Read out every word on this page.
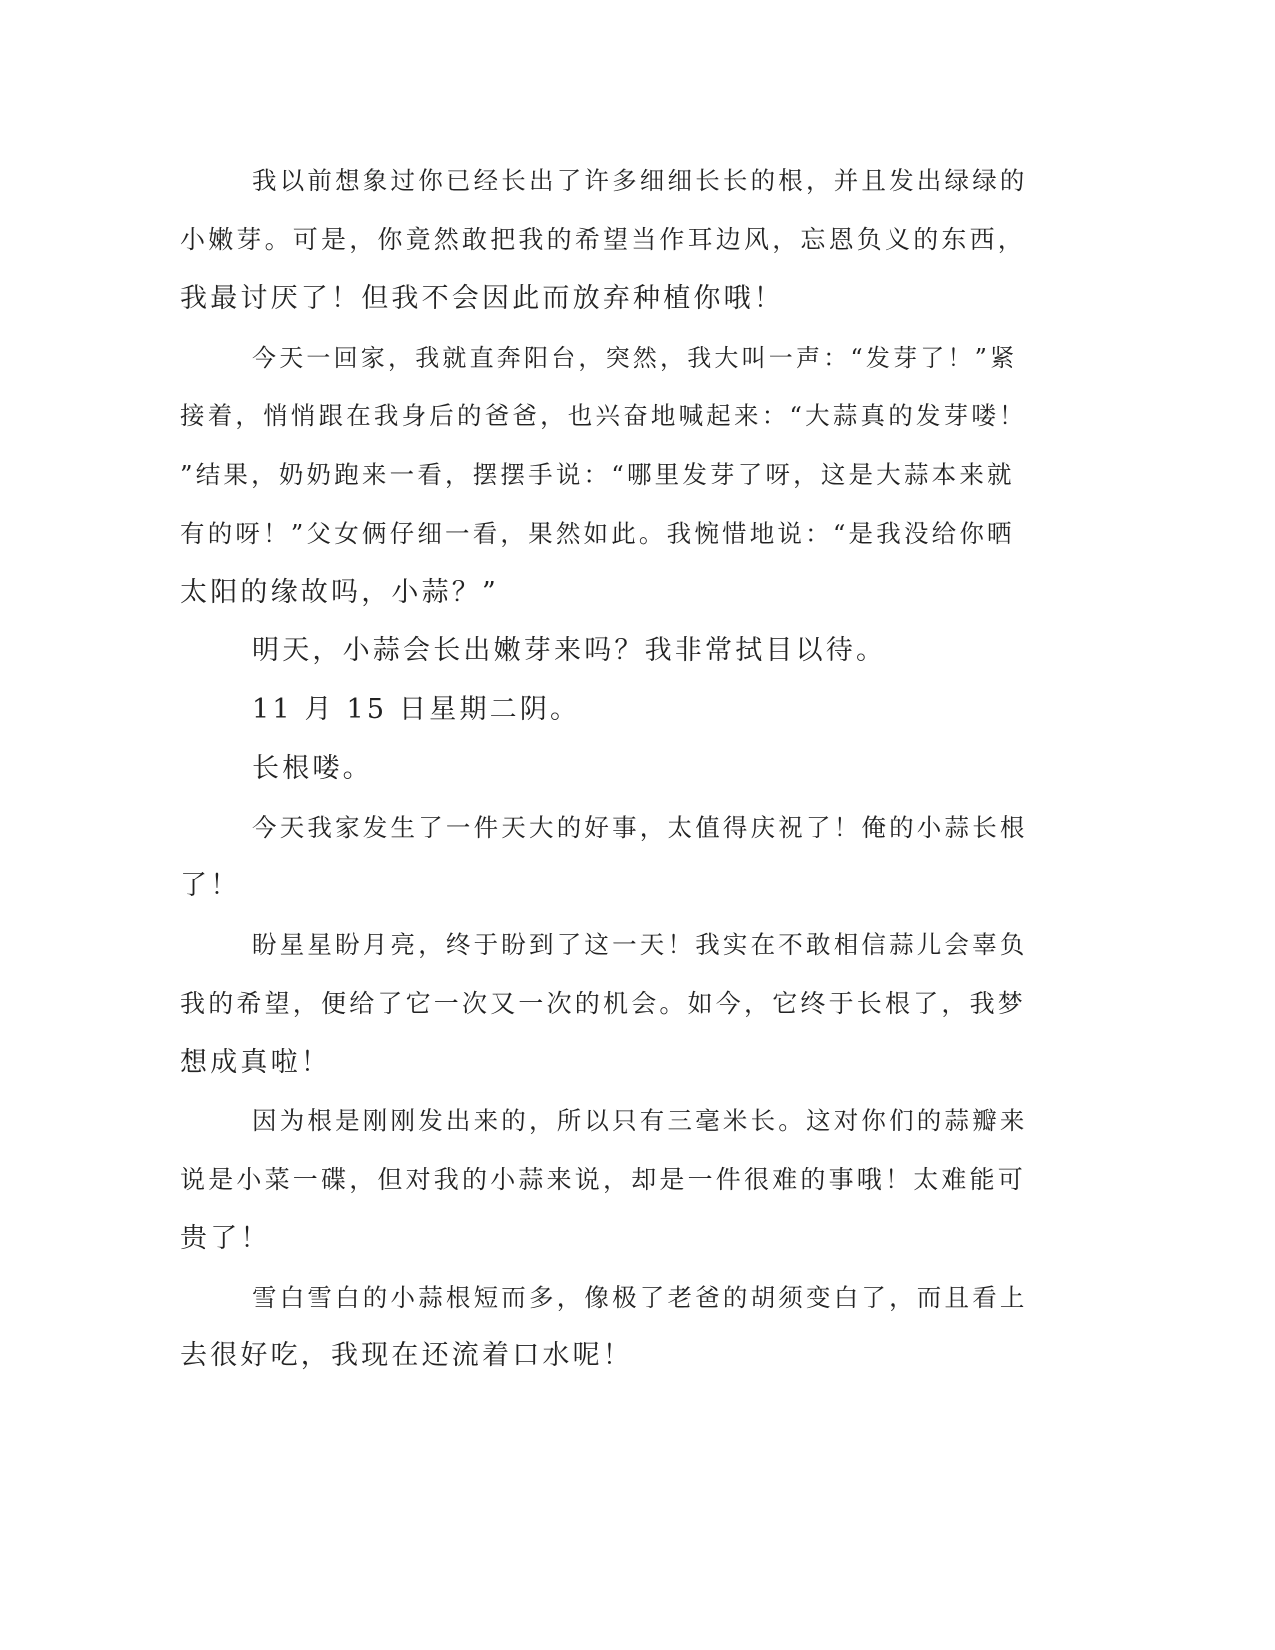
我以前想象过你已经长出了许多细细长长的根，并且发出绿绿的
小嫩芽。可是，你竟然敢把我的希望当作耳边风，忘恩负义的东西，
我最讨厌了！但我不会因此而放弃种植你哦！
今天一回家，我就直奔阳台，突然，我大叫一声：“发芽了！”紧
接着，悄悄跟在我身后的爸爸，也兴奋地喊起来：“大蒜真的发芽喽！
”结果，奶奶跑来一看，摆摆手说：“哪里发芽了呀，这是大蒜本来就
有的呀！”父女俩仔细一看，果然如此。我惋惜地说：“是我没给你晒
太阳的缘故吗，小蒜？”
明天，小蒜会长出嫩芽来吗？我非常拭目以待。
11 月 15 日星期二阴。
长根喽。
今天我家发生了一件天大的好事，太值得庆祝了！俺的小蒜长根
了！
盼星星盼月亮，终于盼到了这一天！我实在不敢相信蒜儿会辜负
我的希望，便给了它一次又一次的机会。如今，它终于长根了，我梦
想成真啦！
因为根是刚刚发出来的，所以只有三毫米长。这对你们的蒜瓣来
说是小菜一碟，但对我的小蒜来说，却是一件很难的事哦！太难能可
贵了！
雪白雪白的小蒜根短而多，像极了老爸的胡须变白了，而且看上
去很好吃，我现在还流着口水呢！
